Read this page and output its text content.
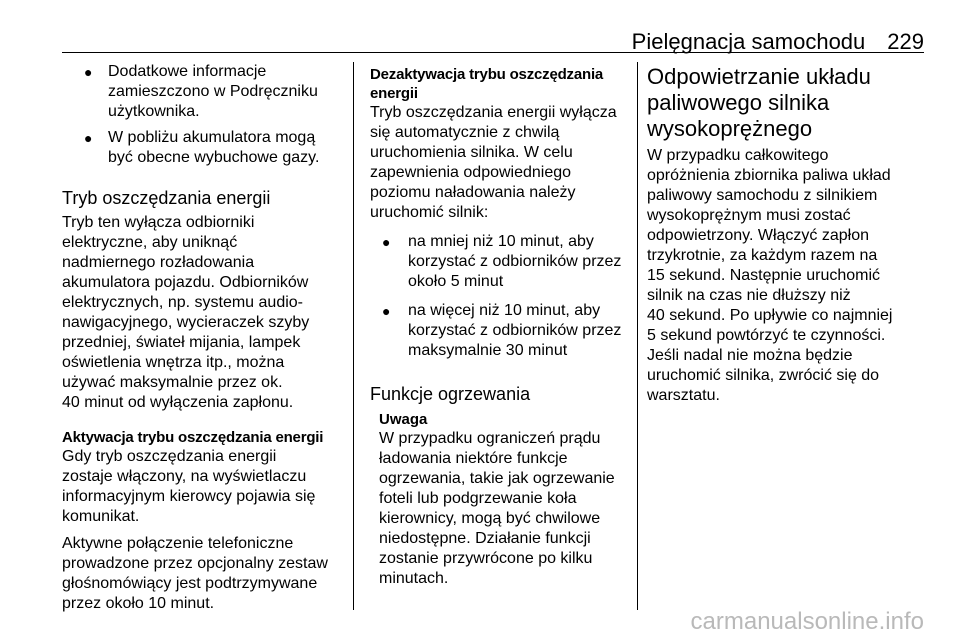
Pielęgnacja samochodu 229
● Dodatkowe informacje zamieszczono w Podręczniku użytkownika.
● W pobliżu akumulatora mogą być obecne wybuchowe gazy.

Tryb oszczędzania energii

Tryb ten wyłącza odbiorniki
elektryczne, aby uniknąć
nadmiernego rozładowania
akumulatora pojazdu. Odbiorników
elektrycznych, np. systemu audio-
nawigacyjnego, wycieraczek szyby
przedniej, świateł mijania, lampek
oświetlenia wnętrza itp., można
używać maksymalnie przez ok.
40 minut od wyłączenia zapłonu.

Aktywacja trybu oszczędzania energii

Gdy tryb oszczędzania energii
zostaje włączony, na wyświetlaczu
informacyjnym kierowcy pojawia się
komunikat.

Aktywne połączenie telefoniczne
prowadzone przez opcjonalny zestaw
głośnomówiący jest podtrzymywane
przez około 10 minut.

Dezaktywacja trybu oszczędzania
energii

Tryb oszczędzania energii wyłącza
się automatycznie z chwilą
uruchomienia silnika. W celu
zapewnienia odpowiedniego
poziomu naładowania należy
uruchomić silnik:

● na mniej niż 10 minut, aby
korzystać z odbiorników przez
około 5 minut
● na więcej niż 10 minut, aby
korzystać z odbiorników przez
maksymalnie 30 minut

Funkcje ogrzewania

Uwaga

W przypadku ograniczeń prądu
ładowania niektóre funkcje
ogrzewania, takie jak ogrzewanie
foteli lub podgrzewanie koła
kierownicy, mogą być chwilowe
niedostępne. Działanie funkcji
zostanie przywrócone po kilku
minutach.

Odpowietrzanie układu
paliwowego silnika
wysokoprężnego

W przypadku całkowitego
opróżnienia zbiornika paliwa układ
paliwowy samochodu z silnikiem
wysokoprężnym musi zostać
odpowietrzony. Włączyć zapłon
trzykrotnie, za każdym razem na
15 sekund. Następnie uruchomić
silnik na czas nie dłuższy niż
40 sekund. Po upływie co najmniej
5 sekund powtórzyć te czynności.
Jeśli nadal nie można będzie
uruchomić silnika, zwrócić się do
warsztatu.

carmanualsonline.info
